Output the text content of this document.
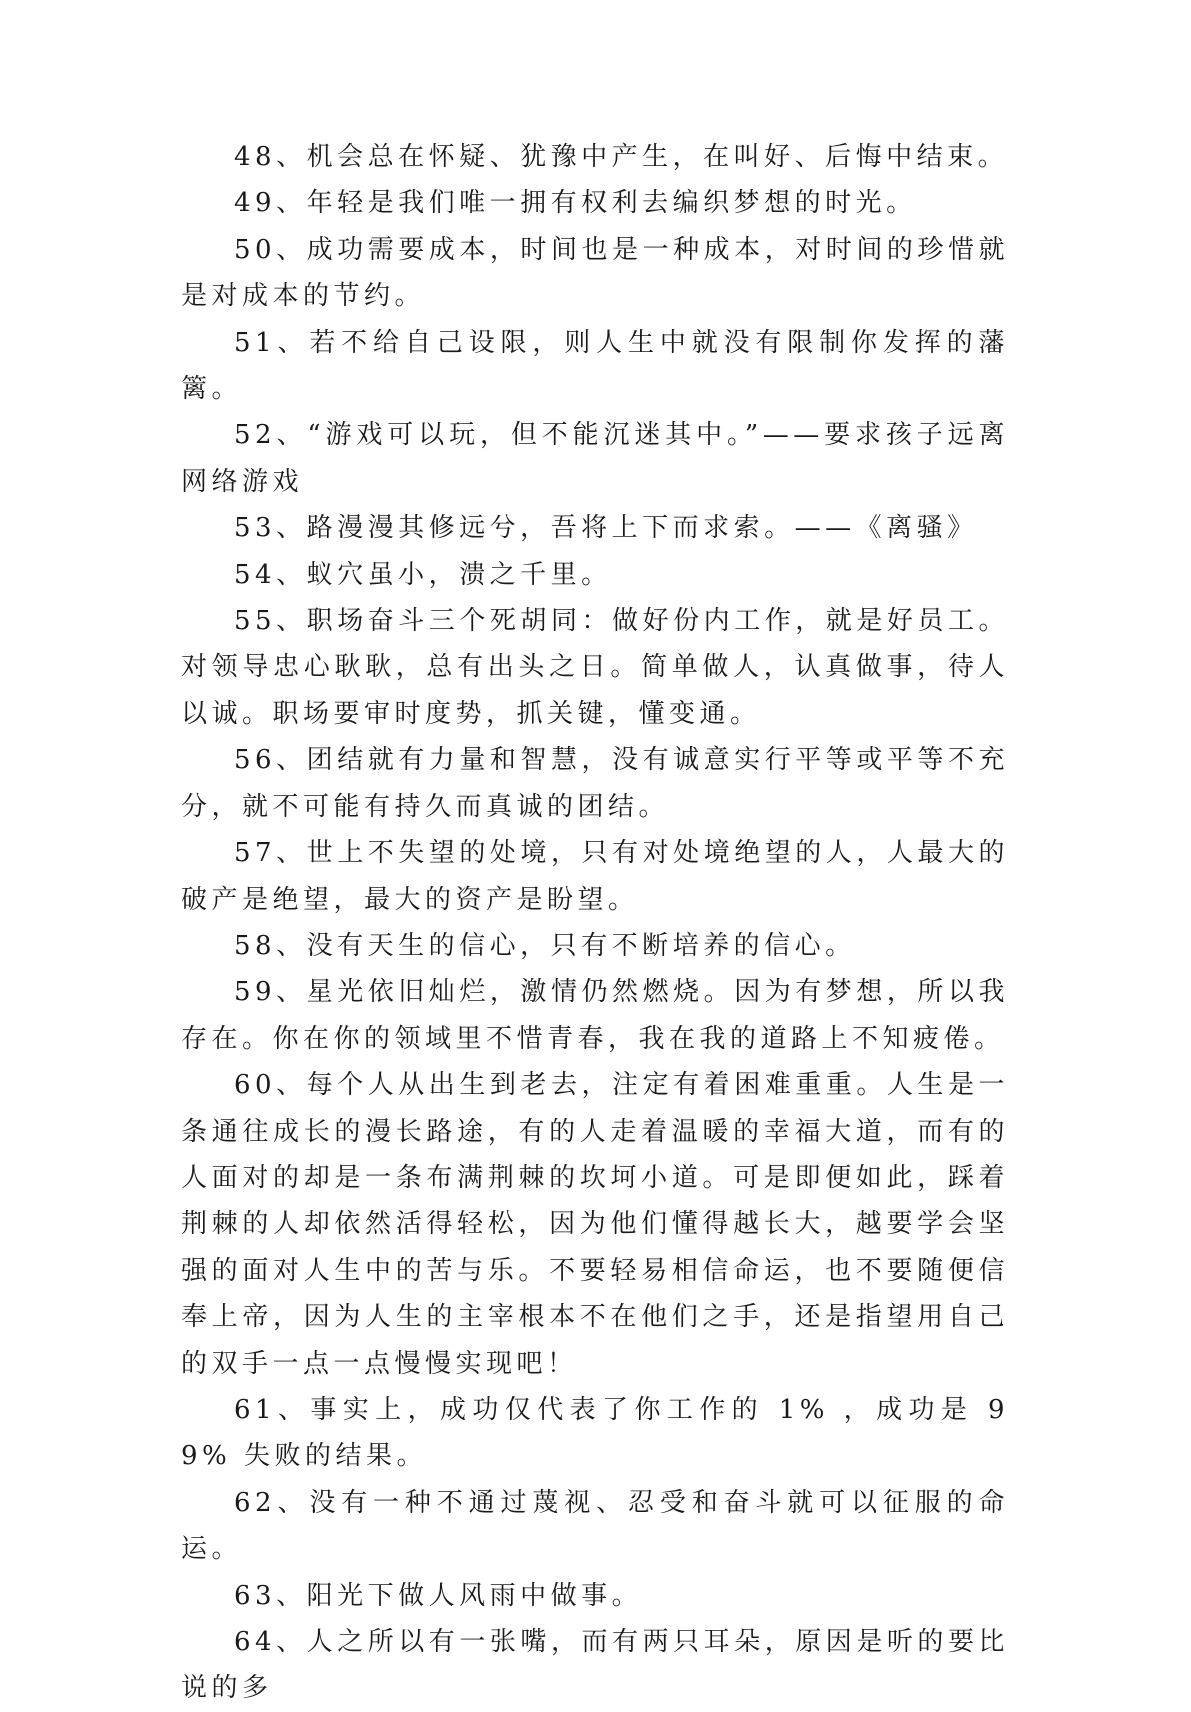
48、机会总在怀疑、犹豫中产生，在叫好、后悔中结束。

49、年轻是我们唯一拥有权利去编织梦想的时光。

50、成功需要成本，时间也是一种成本，对时间的珍惜就是对成本的节约。

51、若不给自己设限，则人生中就没有限制你发挥的藩篱。

52、“游戏可以玩，但不能沉迷其中。”——要求孩子远离网络游戏

53、路漫漫其修远兮，吾将上下而求索。——《离骚》

54、蚁穴虽小，溃之千里。

55、职场奋斗三个死胡同：做好份内工作，就是好员工。对领导忠心耿耿，总有出头之日。简单做人，认真做事，待人以诚。职场要审时度势，抓关键，懂变通。

56、团结就有力量和智慧，没有诚意实行平等或平等不充分，就不可能有持久而真诚的团结。

57、世上不失望的处境，只有对处境绝望的人，人最大的破产是绝望，最大的资产是盼望。

58、没有天生的信心，只有不断培养的信心。

59、星光依旧灿烂，激情仍然燃烧。因为有梦想，所以我存在。你在你的领域里不惜青春，我在我的道路上不知疲倦。

60、每个人从出生到老去，注定有着困难重重。人生是一条通往成长的漫长路途，有的人走着温暖的幸福大道，而有的人面对的却是一条布满荆棘的坎坷小道。可是即便如此，踩着荆棘的人却依然活得轻松，因为他们懂得越长大，越要学会坚强的面对人生中的苦与乐。不要轻易相信命运，也不要随便信奉上帝，因为人生的主宰根本不在他们之手，还是指望用自己的双手一点一点慢慢实现吧！

61、事实上，成功仅代表了你工作的 1% ，成功是 99% 失败的结果。

62、没有一种不通过蔑视、忍受和奋斗就可以征服的命运。

63、阳光下做人风雨中做事。

64、人之所以有一张嘴，而有两只耳朵，原因是听的要比说的多
